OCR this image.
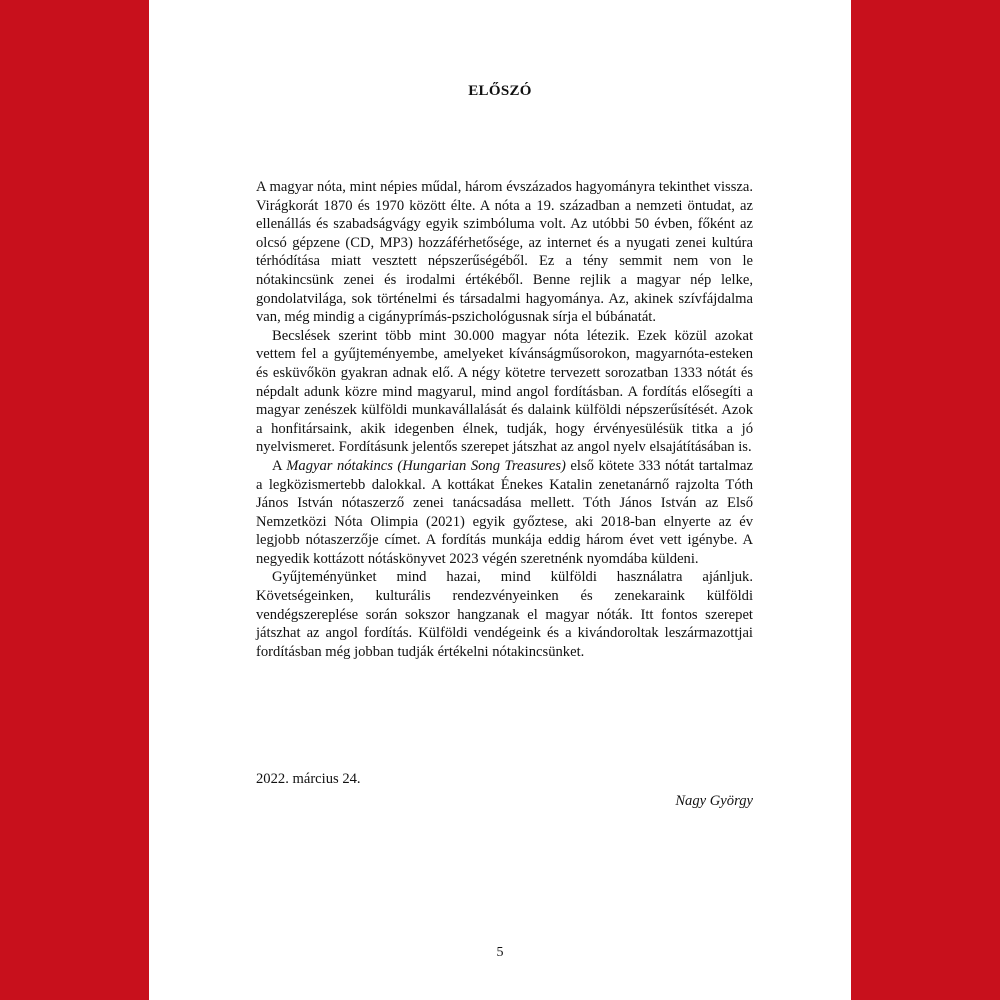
ELŐSZÓ

A magyar nóta, mint népies műdal, három évszázados hagyományra tekinthet vissza. Virágkorát 1870 és 1970 között élte. A nóta a 19. században a nemzeti öntudat, az ellenállás és szabadságvágy egyik szimbóluma volt. Az utóbbi 50 évben, főként az olcsó gépzene (CD, MP3) hozzáférhetősége, az internet és a nyugati zenei kultúra térhódítása miatt vesztett népszerűségéből. Ez a tény semmit nem von le nótakincsünk zenei és irodalmi értékéből. Benne rejlik a magyar nép lelke, gondolatvilága, sok történelmi és társadalmi hagyománya. Az, akinek szívfájdalma van, még mindig a cigányprímás-pszichológusnak sírja el búbánatát.

Becslések szerint több mint 30.000 magyar nóta létezik. Ezek közül azokat vettem fel a gyűjteményembe, amelyeket kívánságműsorokon, magyarnóta-esteken és esküvőkön gyakran adnak elő. A négy kötetre tervezett sorozatban 1333 nótát és népdalt adunk közre mind magyarul, mind angol fordításban. A fordítás elősegíti a magyar zenészek külföldi munkavállalását és dalaink külföldi népszerűsítését. Azok a honfitársaink, akik idegenben élnek, tudják, hogy érvényesülésük titka a jó nyelvismeret. Fordításunk jelentős szerepet játszhat az angol nyelv elsajátításában is.

A Magyar nótakincs (Hungarian Song Treasures) első kötete 333 nótát tartalmaz a legközismertebb dalokkal. A kottákat Énekes Katalin zenetanárnő rajzolta Tóth János István nótaszerző zenei tanácsadása mellett. Tóth János István az Első Nemzetközi Nóta Olimpia (2021) egyik győztese, aki 2018-ban elnyerte az év legjobb nótaszerzője címet. A fordítás munkája eddig három évet vett igénybe. A negyedik kottázott nótáskönyvet 2023 végén szeretnénk nyomdába küldeni.

Gyűjteményünket mind hazai, mind külföldi használatra ajánljuk. Követségeinken, kulturális rendezvényeinken és zenekaraink külföldi vendégszereplése során sokszor hangzanak el magyar nóták. Itt fontos szerepet játszhat az angol fordítás. Külföldi vendégeink és a kivándoroltak leszármazottjai fordításban még jobban tudják értékelni nótakincsünket.

2022. március 24.
Nagy György
5
